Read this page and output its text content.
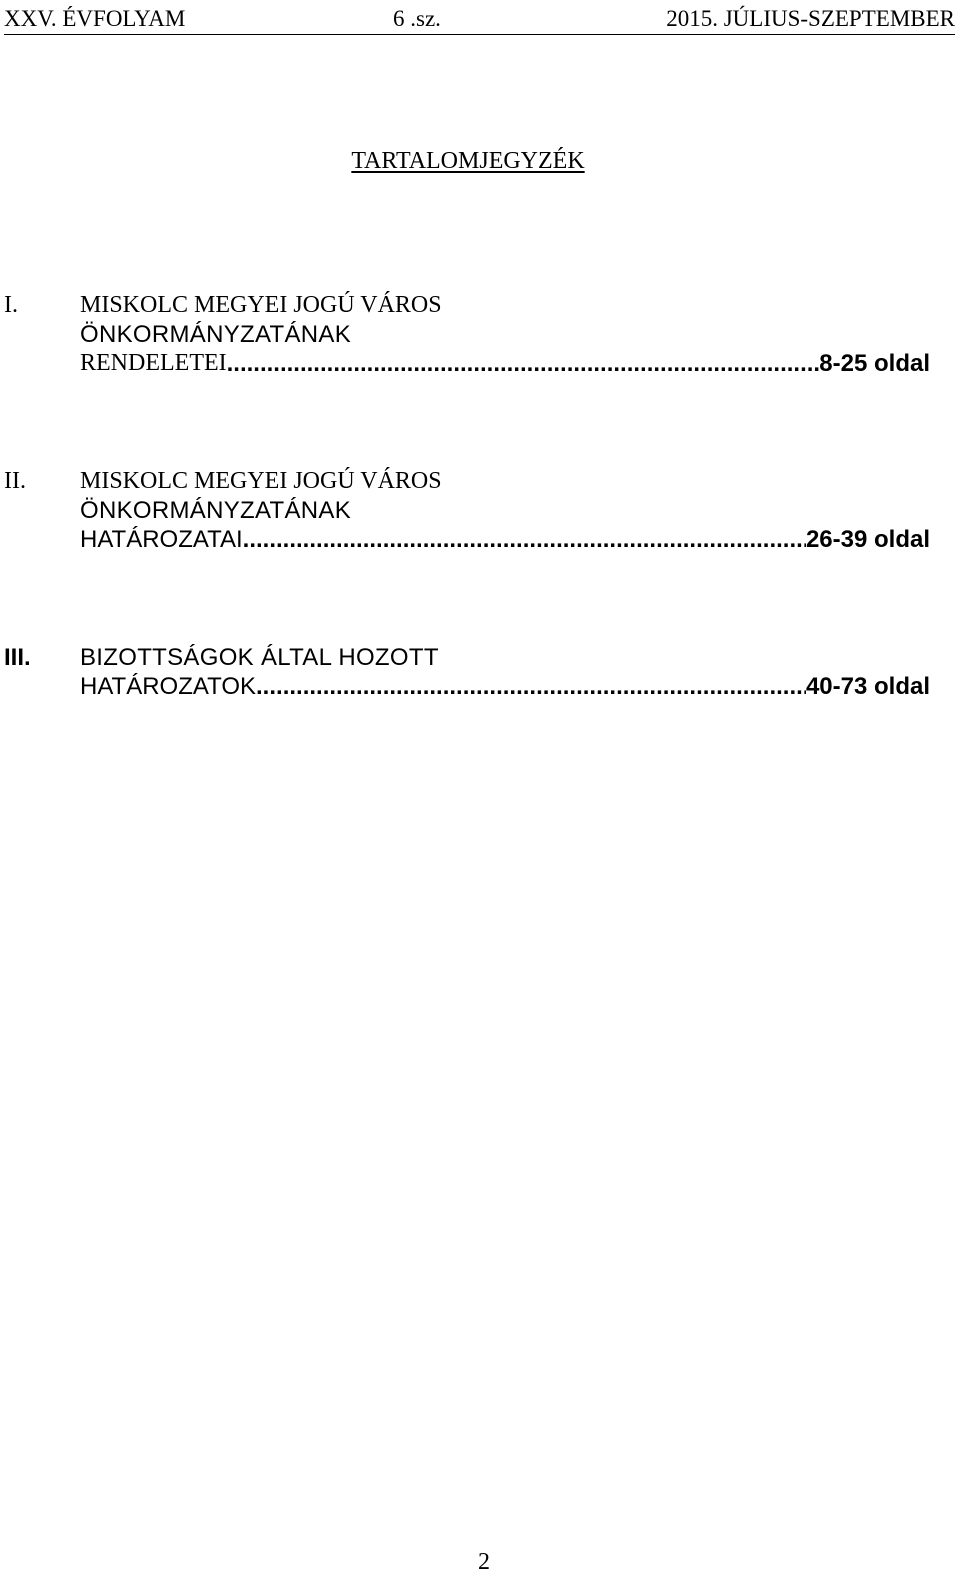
XXV. ÉVFOLYAM	6 .sz.	2015. JÚLIUS-SZEPTEMBER
TARTALOMJEGYZÉK
I.	MISKOLC MEGYEI JOGÚ VÁROS
ÖNKORMÁNYZATÁNAK
RENDELETEI .....	8-25 oldal
II. MISKOLC MEGYEI JOGÚ VÁROS
ÖNKORMÁNYZATÁNAK
HATÁROZATAI .....	26-39 oldal
III. BIZOTTSÁGOK ÁLTAL HOZOTT
HATÁROZATOK .....	40-73 oldal
2
